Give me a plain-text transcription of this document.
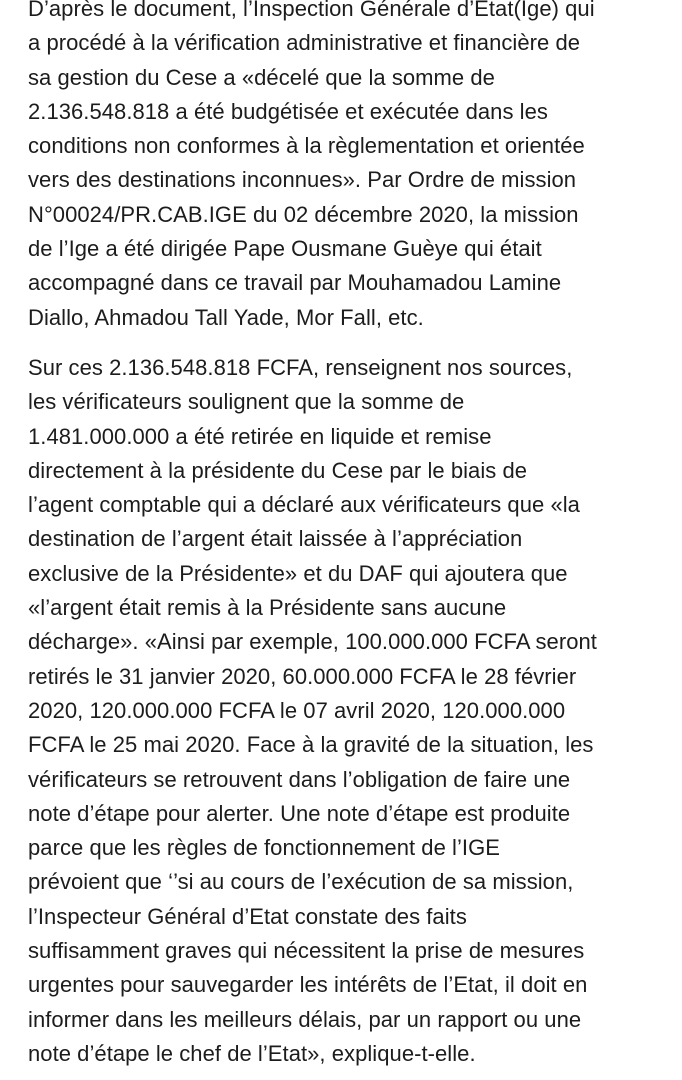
D’après le document, l’Inspection Générale d’Etat(Ige) qui
a procédé à la vérification administrative et financière de
sa gestion du Cese a «décelé que la somme de
2.136.548.818 a été budgétisée et exécutée dans les
conditions non conformes à la règlementation et orientée
vers des destinations inconnues». Par Ordre de mission
N°00024/PR.CAB.IGE du 02 décembre 2020, la mission
de l’Ige a été dirigée Pape Ousmane Guèye qui était
accompagné dans ce travail par Mouhamadou Lamine
Diallo, Ahmadou Tall Yade, Mor Fall, etc.

Sur ces 2.136.548.818 FCFA, renseignent nos sources,
les vérificateurs soulignent que la somme de
1.481.000.000 a été retirée en liquide et remise
directement à la présidente du Cese par le biais de
l’agent comptable qui a déclaré aux vérificateurs que «la
destination de l’argent était laissée à l’appréciation
exclusive de la Présidente» et du DAF qui ajoutera que
«l’argent était remis à la Présidente sans aucune
décharge». «Ainsi par exemple, 100.000.000 FCFA seront
retirés le 31 janvier 2020, 60.000.000 FCFA le 28 février
2020, 120.000.000 FCFA le 07 avril 2020, 120.000.000
FCFA le 25 mai 2020. Face à la gravité de la situation, les
vérificateurs se retrouvent dans l’obligation de faire une
note d’étape pour alerter. Une note d’étape est produite
parce que les règles de fonctionnement de l’IGE
prévoient que ‘’si au cours de l’exécution de sa mission,
l’Inspecteur Général d’Etat constate des faits
suffisamment graves qui nécessitent la prise de mesures
urgentes pour sauvegarder les intérêts de l’Etat, il doit en
informer dans les meilleurs délais, par un rapport ou une
note d’étape le chef de l’Etat», explique-t-elle.
